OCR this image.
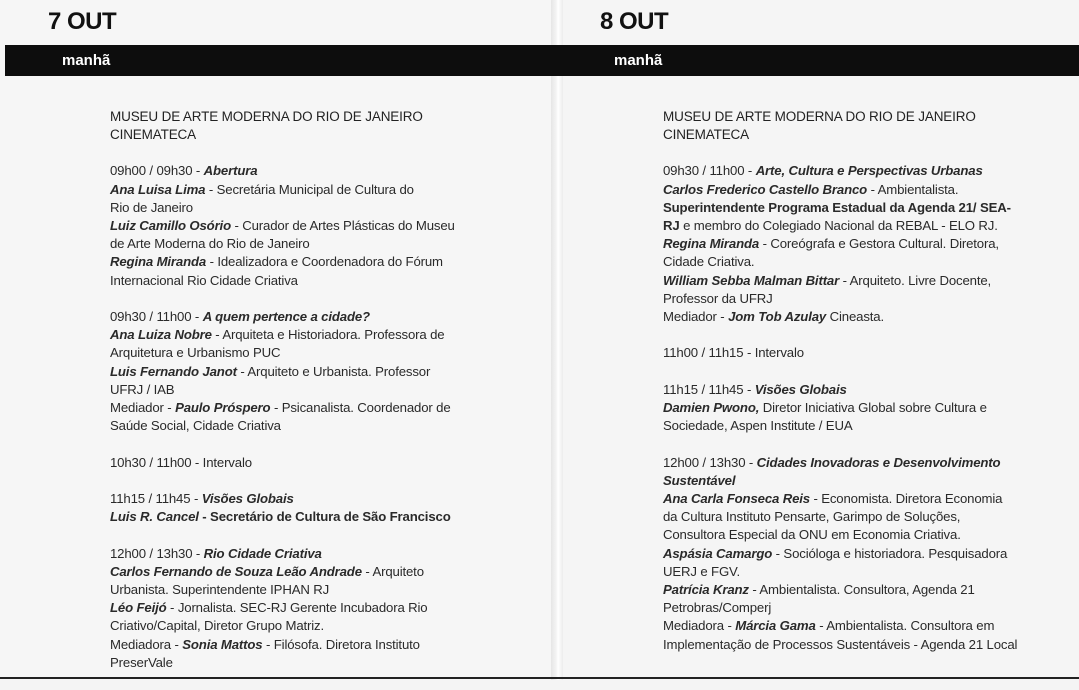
7 OUT	8 OUT
manhã	manhã
MUSEU DE ARTE MODERNA DO RIO DE JANEIRO
CINEMATECA
09h00 / 09h30 - Abertura
Ana Luisa Lima - Secretária Municipal de Cultura do
Rio de Janeiro
Luiz Camillo Osório - Curador de Artes Plásticas do Museu
de Arte Moderna do Rio de Janeiro
Regina Miranda - Idealizadora e Coordenadora do Fórum
Internacional Rio Cidade Criativa
09h30 / 11h00 - A quem pertence a cidade?
Ana Luiza Nobre - Arquiteta e Historiadora. Professora de
Arquitetura e Urbanismo PUC
Luis Fernando Janot - Arquiteto e Urbanista. Professor
UFRJ / IAB
Mediador - Paulo Próspero - Psicanalista. Coordenador de
Saúde Social, Cidade Criativa
10h30 / 11h00 - Intervalo
11h15 / 11h45 - Visões Globais
Luis R. Cancel - Secretário de Cultura de São Francisco
12h00 / 13h30 - Rio Cidade Criativa
Carlos Fernando de Souza Leão Andrade - Arquiteto
Urbanista. Superintendente IPHAN RJ
Léo Feijó - Jornalista. SEC-RJ Gerente Incubadora Rio
Criativo/Capital, Diretor Grupo Matriz.
Mediadora - Sonia Mattos - Filósofa. Diretora Instituto
PreserVale
MUSEU DE ARTE MODERNA DO RIO DE JANEIRO
CINEMATECA
09h30 / 11h00 - Arte, Cultura e Perspectivas Urbanas
Carlos Frederico Castello Branco - Ambientalista.
Superintendente Programa Estadual da Agenda 21/ SEA-
RJ e membro do Colegiado Nacional da REBAL - ELO RJ.
Regina Miranda - Coreógrafa e Gestora Cultural. Diretora,
Cidade Criativa.
William Sebba Malman Bittar - Arquiteto. Livre Docente,
Professor da UFRJ
Mediador - Jom Tob Azulay Cineasta.
11h00 / 11h15 - Intervalo
11h15 / 11h45 - Visões Globais
Damien Pwono, Diretor Iniciativa Global sobre Cultura e
Sociedade, Aspen Institute / EUA
12h00 / 13h30 - Cidades Inovadoras e Desenvolvimento
Sustentável
Ana Carla Fonseca Reis - Economista. Diretora Economia
da Cultura Instituto Pensarte, Garimpo de Soluções,
Consultora Especial da ONU em Economia Criativa.
Aspásia Camargo - Socióloga e historiadora. Pesquisadora
UERJ e FGV.
Patrícia Kranz - Ambientalista. Consultora, Agenda 21
Petrobras/Comperj
Mediadora - Márcia Gama - Ambientalista. Consultora em
Implementação de Processos Sustentáveis - Agenda 21 Local
